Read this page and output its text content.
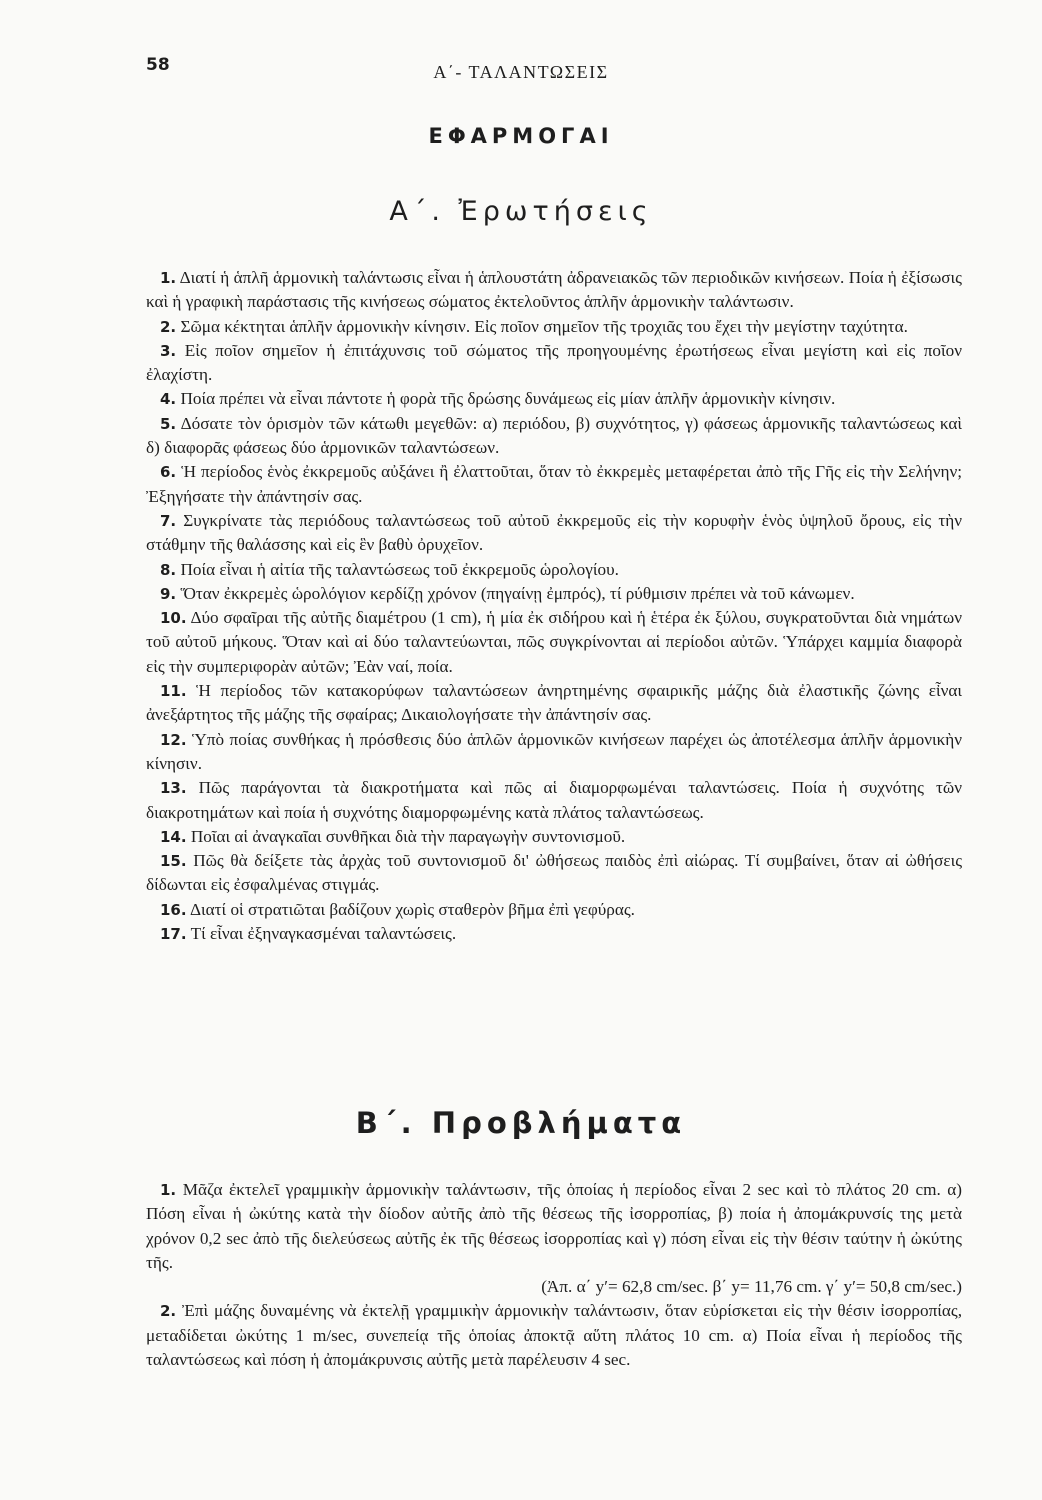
58	Α΄- ΤΑΛΑΝΤΩΣΕΙΣ
ΕΦΑΡΜΟΓΑΙ
Α΄. Ἐρωτήσεις

1. Διατί ἡ ἁπλῆ ἁρμονικὴ ταλάντωσις εἶναι ἡ ἁπλουστάτη ἀδρανειακῶς τῶν περιοδικῶν κινήσεων. Ποία ἡ ἐξίσωσις καὶ ἡ γραφικὴ παράστασις τῆς κινήσεως σώματος ἐκτελοῦντος ἁπλῆν ἁρμονικὴν ταλάντωσιν.

2. Σῶμα κέκτηται ἁπλῆν ἁρμονικὴν κίνησιν. Εἰς ποῖον σημεῖον τῆς τροχιᾶς του ἔχει τὴν μεγίστην ταχύτητα.

3. Εἰς ποῖον σημεῖον ἡ ἐπιτάχυνσις τοῦ σώματος τῆς προηγουμένης ἐρωτήσεως εἶναι μεγίστη καὶ εἰς ποῖον ἐλαχίστη.

4. Ποία πρέπει νὰ εἶναι πάντοτε ἡ φορὰ τῆς δρώσης δυνάμεως εἰς μίαν ἁπλῆν ἁρμονικὴν κίνησιν.

5. Δόσατε τὸν ὁρισμὸν τῶν κάτωθι μεγεθῶν: α) περιόδου, β) συχνότητος, γ) φάσεως ἁρμονικῆς ταλαντώσεως καὶ δ) διαφορᾶς φάσεως δύο ἁρμονικῶν ταλαντώσεων.

6. Ἡ περίοδος ἑνὸς ἐκκρεμοῦς αὐξάνει ἢ ἐλαττοῦται, ὅταν τὸ ἐκκρεμὲς μεταφέρεται ἀπὸ τῆς Γῆς εἰς τὴν Σελήνην; Ἐξηγήσατε τὴν ἀπάντησίν σας.

7. Συγκρίνατε τὰς περιόδους ταλαντώσεως τοῦ αὐτοῦ ἐκκρεμοῦς εἰς τὴν κορυφὴν ἑνὸς ὑψηλοῦ ὄρους, εἰς τὴν στάθμην τῆς θαλάσσης καὶ εἰς ἓν βαθὺ ὀρυχεῖον.

8. Ποία εἶναι ἡ αἰτία τῆς ταλαντώσεως τοῦ ἐκκρεμοῦς ὡρολογίου.

9. Ὅταν ἐκκρεμὲς ὡρολόγιον κερδίζῃ χρόνον (πηγαίνῃ ἐμπρός), τί ρύθμισιν πρέπει νὰ τοῦ κάνωμεν.

10. Δύο σφαῖραι τῆς αὐτῆς διαμέτρου (1 cm), ἡ μία ἐκ σιδήρου καὶ ἡ ἑτέρα ἐκ ξύλου, συγκρατοῦνται διὰ νημάτων τοῦ αὐτοῦ μήκους. Ὅταν καὶ αἱ δύο ταλαντεύωνται, πῶς συγκρίνονται αἱ περίοδοι αὐτῶν. Ὑπάρχει καμμία διαφορὰ εἰς τὴν συμπεριφορὰν αὐτῶν; Ἐὰν ναί, ποία.

11. Ἡ περίοδος τῶν κατακορύφων ταλαντώσεων ἀνηρτημένης σφαιρικῆς μάζης διὰ ἐλαστικῆς ζώνης εἶναι ἀνεξάρτητος τῆς μάζης τῆς σφαίρας; Δικαιολογήσατε τὴν ἀπάντησίν σας.

12. Ὑπὸ ποίας συνθήκας ἡ πρόσθεσις δύο ἁπλῶν ἁρμονικῶν κινήσεων παρέχει ὡς ἀποτέλεσμα ἁπλῆν ἁρμονικὴν κίνησιν.

13. Πῶς παράγονται τὰ διακροτήματα καὶ πῶς αἱ διαμορφωμέναι ταλαντώσεις. Ποία ἡ συχνότης τῶν διακροτημάτων καὶ ποία ἡ συχνότης διαμορφωμένης κατὰ πλάτος ταλαντώσεως.

14. Ποῖαι αἱ ἀναγκαῖαι συνθῆκαι διὰ τὴν παραγωγὴν συντονισμοῦ.

15. Πῶς θὰ δείξετε τὰς ἀρχὰς τοῦ συντονισμοῦ δι' ὠθήσεως παιδὸς ἐπὶ αἰώρας. Τί συμβαίνει, ὅταν αἱ ὠθήσεις δίδωνται εἰς ἐσφαλμένας στιγμάς.

16. Διατί οἱ στρατιῶται βαδίζουν χωρὶς σταθερὸν βῆμα ἐπὶ γεφύρας.

17. Τί εἶναι ἐξηναγκασμέναι ταλαντώσεις.

Β΄. Προβλήματα

1. Μᾶζα ἐκτελεῖ γραμμικὴν ἁρμονικὴν ταλάντωσιν, τῆς ὁποίας ἡ περίοδος εἶναι 2 sec καὶ τὸ πλάτος 20 cm. α) Πόση εἶναι ἡ ὠκύτης κατὰ τὴν δίοδον αὐτῆς ἀπὸ τῆς θέσεως τῆς ἰσορροπίας, β) ποία ἡ ἀπομάκρυνσίς της μετὰ χρόνον 0,2 sec ἀπὸ τῆς διελεύσεως αὐτῆς ἐκ τῆς θέσεως ἰσορροπίας καὶ γ) πόση εἶναι εἰς τὴν θέσιν ταύτην ἡ ὠκύτης τῆς.

(Ἀπ. α΄ y′= 62,8 cm/sec. β΄ y= 11,76 cm. γ΄ y′= 50,8 cm/sec.)

2. Ἐπὶ μάζης δυναμένης νὰ ἐκτελῇ γραμμικὴν ἁρμονικὴν ταλάντωσιν, ὅταν εὑρίσκεται εἰς τὴν θέσιν ἰσορροπίας, μεταδίδεται ὠκύτης 1 m/sec, συνεπείᾳ τῆς ὁποίας ἀποκτᾷ αὕτη πλάτος 10 cm. α) Ποία εἶναι ἡ περίοδος τῆς ταλαντώσεως καὶ πόση ἡ ἀπομάκρυνσις αὐτῆς μετὰ παρέλευσιν 4 sec.
